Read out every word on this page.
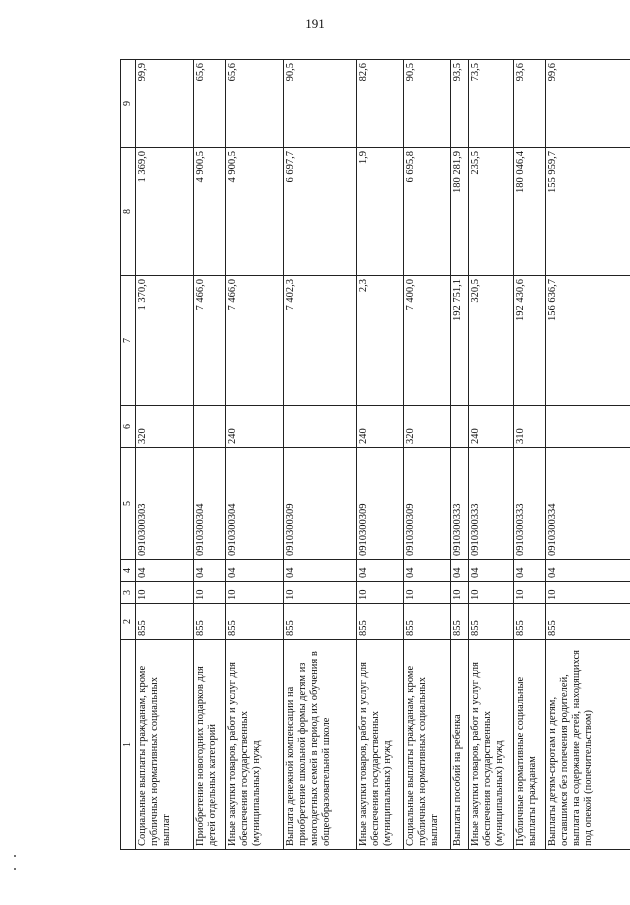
191
1	2	3	4	5	6	7	8	9
Социальные выплаты гражданам, кроме публичных нормативных социальных выплат	855	10	04	0910300303	320	1 370,0	1 369,0	99,9
Приобретение новогодних подарков для детей отдельных категорий	855	10	04	0910300304		7 466,0	4 900,5	65,6
Иные закупки товаров, работ и услуг для обеспечения государственных (муниципальных) нужд	855	10	04	0910300304	240	7 466,0	4 900,5	65,6
Выплата денежной компенсации на приобретение школьной формы детям из многодетных семей в период их обучения в общеобразовательной школе	855	10	04	0910300309		7 402,3	6 697,7	90,5
Иные закупки товаров, работ и услуг для обеспечения государственных (муниципальных) нужд	855	10	04	0910300309	240	2,3	1,9	82,6
Социальные выплаты гражданам, кроме публичных нормативных социальных выплат	855	10	04	0910300309	320	7 400,0	6 695,8	90,5
Выплаты пособий на ребенка	855	10	04	0910300333		192 751,1	180 281,9	93,5
Иные закупки товаров, работ и услуг для обеспечения государственных (муниципальных) нужд	855	10	04	0910300333	240	320,5	235,5	73,5
Публичные нормативные социальные выплаты гражданам	855	10	04	0910300333	310	192 430,6	180 046,4	93,6
Выплаты детям-сиротам и детям, оставшимся без попечения родителей, выплата на содержание детей, находящихся под опекой (попечительством)	855	10	04	0910300334		156 636,7	155 959,7	99,6
